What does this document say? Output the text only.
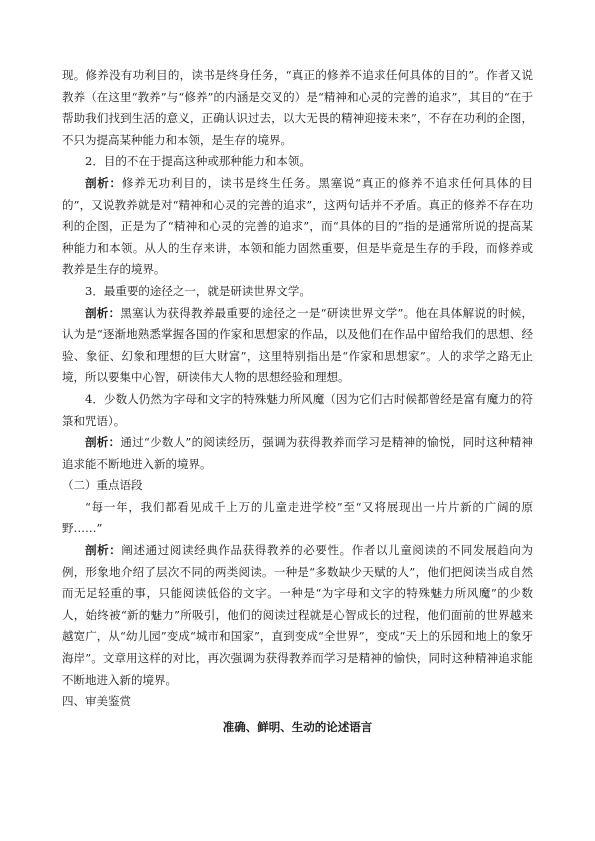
现。修养没有功利目的，读书是终身任务，“真正的修养不追求任何具体的目的”。作者又说教养（在这里“教养”与“修养”的内涵是交叉的）是“精神和心灵的完善的追求”，其目的“在于帮助我们找到生活的意义，正确认识过去，以大无畏的精神迎接未来”，不存在功利的企图，不只为提高某种能力和本领，是生存的境界。

2．目的不在于提高这种或那种能力和本领。

剖析：修养无功利目的，读书是终生任务。黑塞说“真正的修养不追求任何具体的目的”，又说教养就是对“精神和心灵的完善的追求”，这两句话并不矛盾。真正的修养不存在功利的企图，正是为了“精神和心灵的完善的追求”，而“具体的目的”指的是通常所说的提高某种能力和本领。从人的生存来讲，本领和能力固然重要，但是毕竟是生存的手段，而修养或教养是生存的境界。

3．最重要的途径之一，就是研读世界文学。

剖析：黑塞认为获得教养最重要的途径之一是“研读世界文学”。他在具体解说的时候，认为是“逐渐地熟悉掌握各国的作家和思想家的作品，以及他们在作品中留给我们的思想、经验、象征、幻象和理想的巨大财富”，这里特别指出是“作家和思想家”。人的求学之路无止境，所以要集中心智，研读伟大人物的思想经验和理想。

4．少数人仍然为字母和文字的特殊魅力所风魔（因为它们古时候都曾经是富有魔力的符箓和咒语）。

剖析：通过“少数人”的阅读经历，强调为获得教养而学习是精神的愉悦，同时这种精神追求能不断地进入新的境界。

（二）重点语段

“每一年，我们都看见成千上万的儿童走进学校”至“又将展现出一片片新的广阔的原野……”

剖析：阐述通过阅读经典作品获得教养的必要性。作者以儿童阅读的不同发展趋向为例，形象地介绍了层次不同的两类阅读。一种是“多数缺少天赋的人”，他们把阅读当成自然而无足轻重的事，只能阅读低俗的文字。一种是“为字母和文字的特殊魅力所风魔”的少数人，始终被“新的魅力”所吸引，他们的阅读过程就是心智成长的过程，他们面前的世界越来越宽广，从“幼儿园”变成“城市和国家”，直到变成“全世界”，变成“天上的乐园和地上的象牙海岸”。文章用这样的对比，再次强调为获得教养而学习是精神的愉快，同时这种精神追求能不断地进入新的境界。

四、审美鉴赏

准确、鲜明、生动的论述语言
